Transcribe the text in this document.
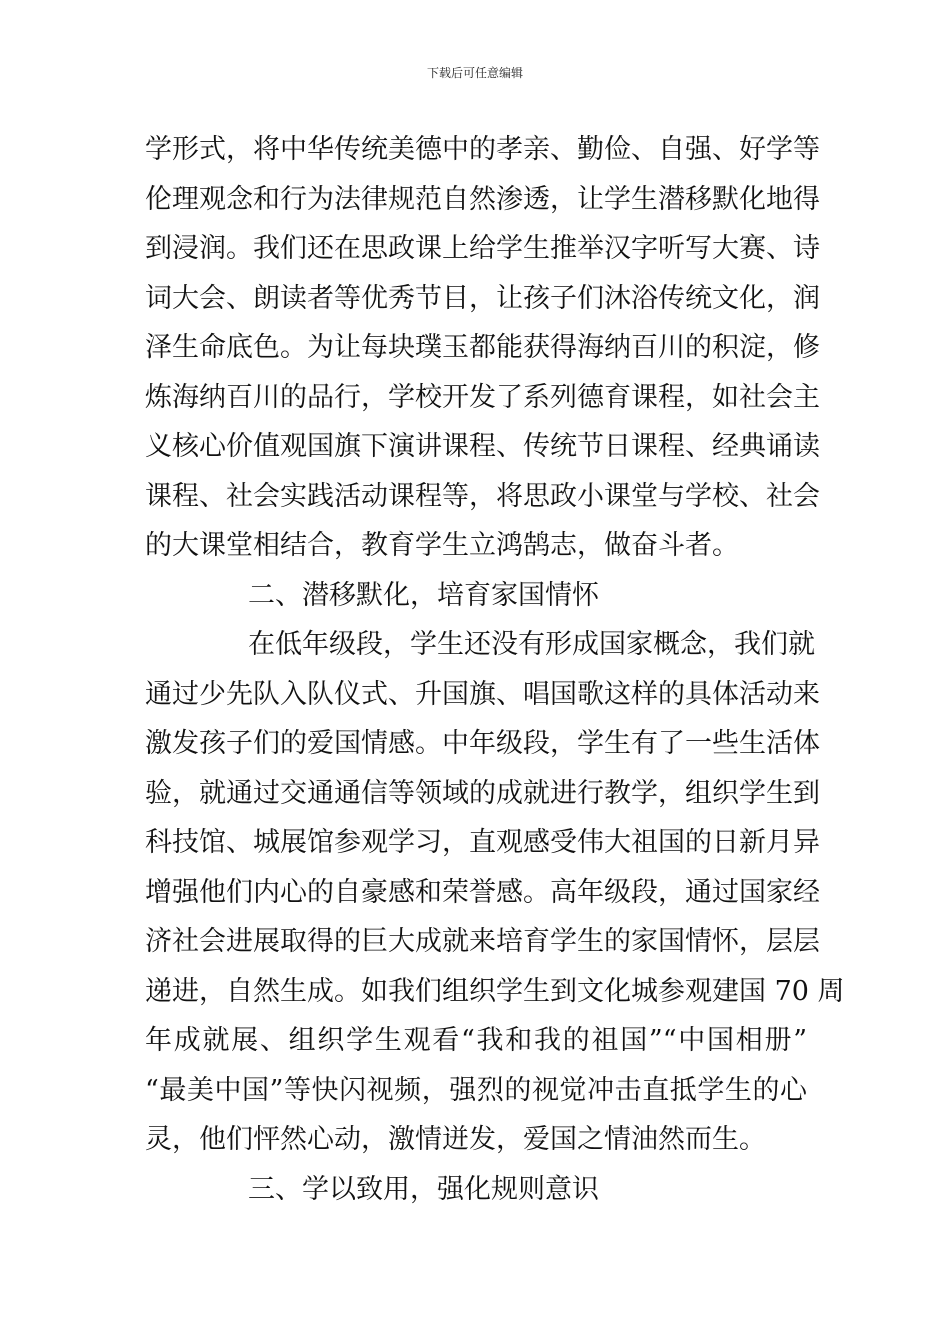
下载后可任意编辑

学形式，将中华传统美德中的孝亲、勤俭、自强、好学等
伦理观念和行为法律规范自然渗透，让学生潜移默化地得
到浸润。我们还在思政课上给学生推举汉字听写大赛、诗
词大会、朗读者等优秀节目，让孩子们沐浴传统文化，润
泽生命底色。为让每块璞玉都能获得海纳百川的积淀，修
炼海纳百川的品行，学校开发了系列德育课程，如社会主
义核心价值观国旗下演讲课程、传统节日课程、经典诵读
课程、社会实践活动课程等，将思政小课堂与学校、社会
的大课堂相结合，教育学生立鸿鹄志，做奋斗者。
二、潜移默化，培育家国情怀
在低年级段，学生还没有形成国家概念，我们就
通过少先队入队仪式、升国旗、唱国歌这样的具体活动来
激发孩子们的爱国情感。中年级段，学生有了一些生活体
验，就通过交通通信等领域的成就进行教学，组织学生到
科技馆、城展馆参观学习，直观感受伟大祖国的日新月异
增强他们内心的自豪感和荣誉感。高年级段，通过国家经
济社会进展取得的巨大成就来培育学生的家国情怀，层层
递进，自然生成。如我们组织学生到文化城参观建国 70 周
年成就展、组织学生观看“我和我的祖国”“中国相册”
“最美中国”等快闪视频，强烈的视觉冲击直抵学生的心
灵，他们怦然心动，激情迸发，爱国之情油然而生。
三、学以致用，强化规则意识
